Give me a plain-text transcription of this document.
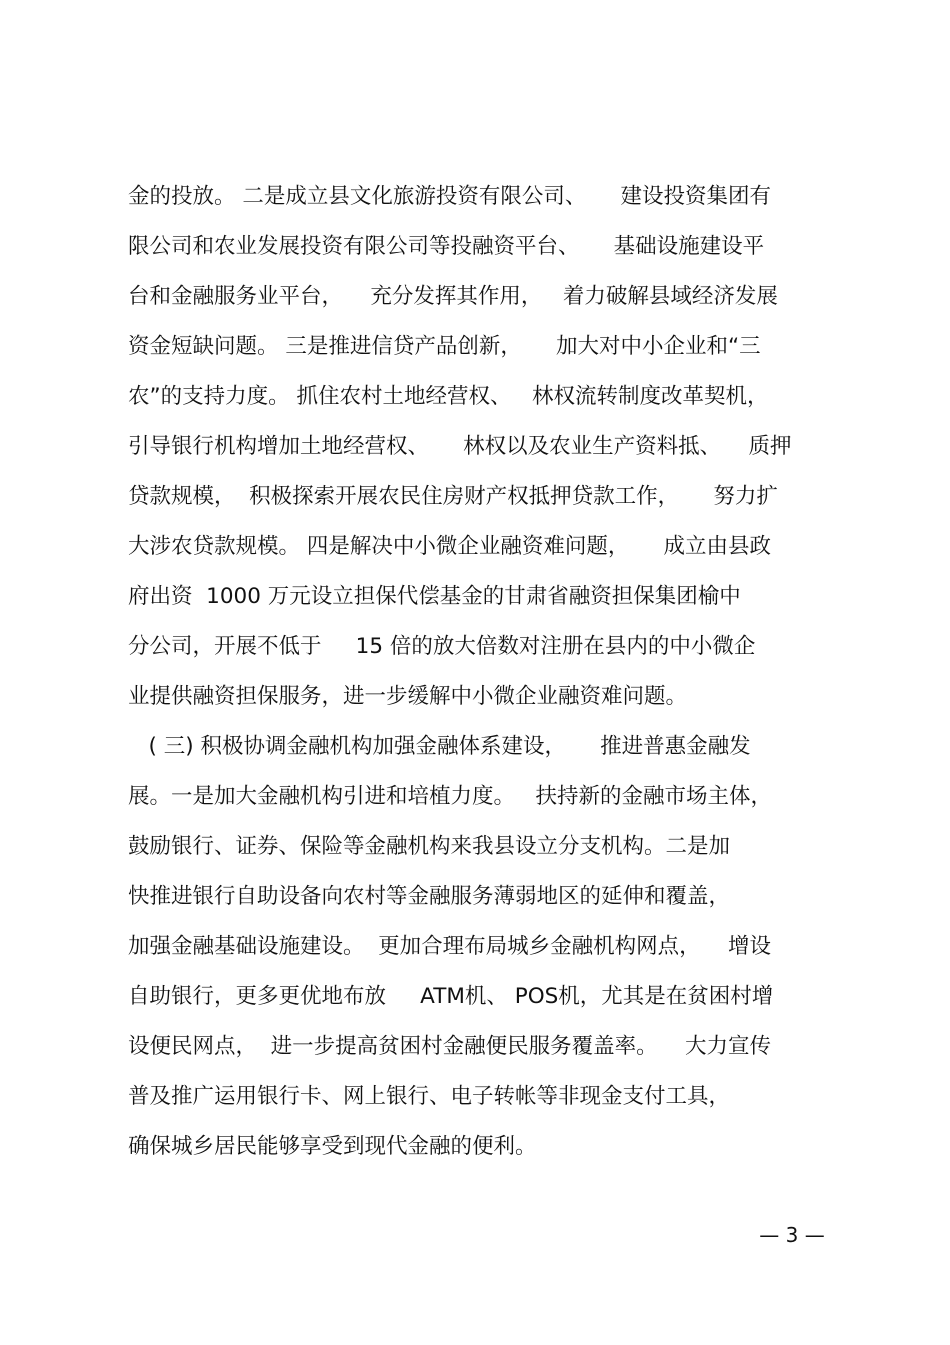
金的投放。 二是成立县文化旅游投资有限公司、     建设投资集团有
限公司和农业发展投资有限公司等投融资平台、     基础设施建设平
台和金融服务业平台，    充分发挥其作用，   着力破解县域经济发展
资金短缺问题。 三是推进信贷产品创新，     加大对中小企业和“三
农”的支持力度。 抓住农村土地经营权、   林权流转制度改革契机，
引导银行机构增加土地经营权、     林权以及农业生产资料抵、    质押
贷款规模，  积极探索开展农民住房财产权抵押贷款工作，     努力扩
大涉农贷款规模。 四是解决中小微企业融资难问题，     成立由县政
府出资  1000 万元设立担保代偿基金的甘肃省融资担保集团榆中
分公司，开展不低于     15 倍的放大倍数对注册在县内的中小微企
业提供融资担保服务，进一步缓解中小微企业融资难问题。
( 三) 积极协调金融机构加强金融体系建设，     推进普惠金融发
展。一是加大金融机构引进和培植力度。   扶持新的金融市场主体，
鼓励银行、证券、保险等金融机构来我县设立分支机构。二是加
快推进银行自助设备向农村等金融服务薄弱地区的延伸和覆盖，
加强金融基础设施建设。  更加合理布局城乡金融机构网点，    增设
自助银行，更多更优地布放     ATM机、 POS机，尤其是在贫困村增
设便民网点，  进一步提高贫困村金融便民服务覆盖率。    大力宣传
普及推广运用银行卡、网上银行、电子转帐等非现金支付工具，
确保城乡居民能够享受到现代金融的便利。
— 3 —
